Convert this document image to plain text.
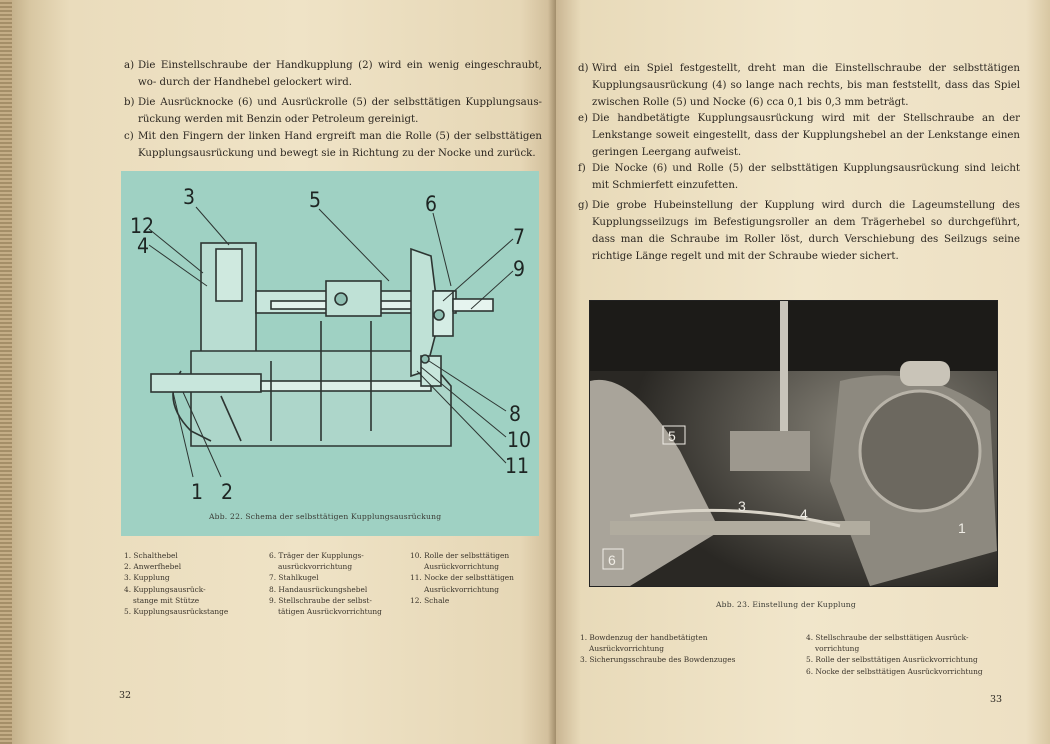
a) Die Einstellschraube der Handkupplung (2) wird ein wenig eingeschraubt, wo- durch der Handhebel gelockert wird.
b) Die Ausrücknocke (6) und Ausrückrolle (5) der selbsttätigen Kupplungsaus- rückung werden mit Benzin oder Petroleum gereinigt.
c) Mit den Fingern der linken Hand ergreift man die Rolle (5) der selbsttätigen Kupplungsausrückung und bewegt sie in Richtung zu der Nocke und zurück.
3
12
4
5	6
7
9
8
10
11
1 2
Abb. 22. Schema der selbsttätigen Kupplungsausrückung
1. Schalthebel
2. Anwerfhebel
3. Kupplung
4. Kupplungsausrück-
stange mit Stütze
5. Kupplungsausrückstange
6. Träger der Kupplungs-
ausrückvorrichtung
7. Stahlkugel
8. Handausrückungshebel
9. Stellschraube der selbst-
tätigen Ausrückvorrichtung
10. Rolle der selbsttätigen
Ausrückvorrichtung
11. Nocke der selbsttätigen
Ausrückvorrichtung
12. Schale
32
d) Wird ein Spiel festgestellt, dreht man die Einstellschraube der selbsttätigen Kupplungsausrückung (4) so lange nach rechts, bis man feststellt, dass das Spiel zwischen Rolle (5) und Nocke (6) cca 0,1 bis 0,3 mm beträgt.
e) Die handbetätigte Kupplungsausrückung wird mit der Stellschraube an der Lenkstange soweit eingestellt, dass der Kupplungshebel an der Lenkstange einen geringen Leergang aufweist.
f) Die Nocke (6) und Rolle (5) der selbsttätigen Kupplungsausrückung sind leicht mit Schmierfett einzufetten.
g) Die grobe Hubeinstellung der Kupplung wird durch die Lageumstellung des Kupplungsseilzugs im Befestigungsroller an dem Trägerhebel so durchgeführt, dass man die Schraube im Roller löst, durch Verschiebung des Seilzugs seine richtige Länge regelt und mit der Schraube wieder sichert.
Abb. 23. Einstellung der Kupplung
1. Bowdenzug der handbetätigten
Ausrückvorrichtung
3. Sicherungsschraube des Bowdenzuges
4. Stellschraube der selbsttätigen Ausrück-
vorrichtung
5. Rolle der selbsttätigen Ausrückvorrichtung
6. Nocke der selbsttätigen Ausrückvorrichtung
33
5
6
3	4
1
